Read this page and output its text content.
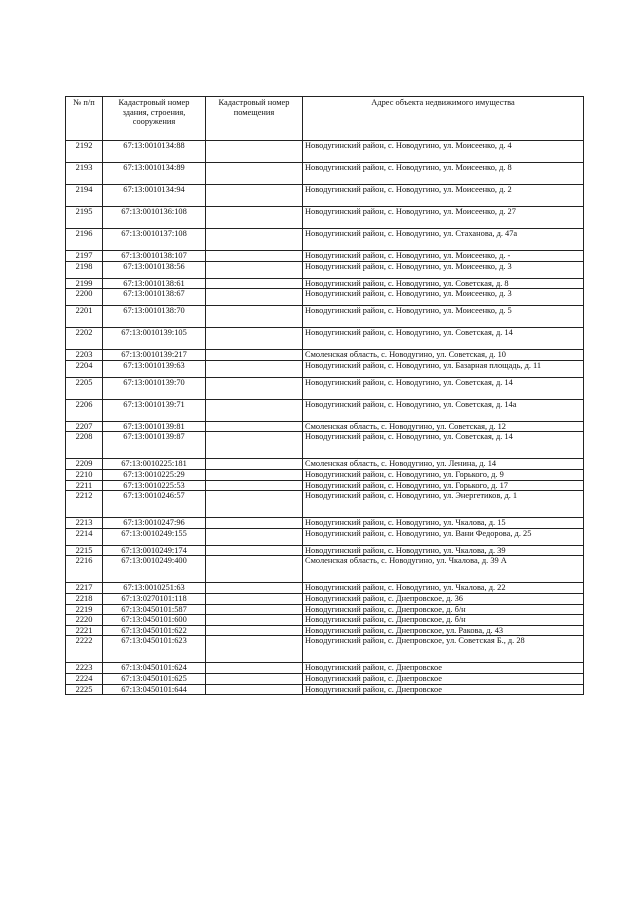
№ п/п	Кадастровый номер здания, строения, сооружения	Кадастровый номер помещения	Адрес объекта недвижимого имущества
2192	67:13:0010134:88		Новодугинский район, с. Новодугино, ул. Моисеенко, д. 4
2193	67:13:0010134:89		Новодугинский район, с. Новодугино, ул. Моисеенко, д. 8
2194	67:13:0010134:94		Новодугинский район, с. Новодугино, ул. Моисеенко, д. 2
2195	67:13:0010136:108		Новодугинский район, с. Новодугино, ул. Моисеенко, д. 27
2196	67:13:0010137:108		Новодугинский район, с. Новодугино, ул. Стаханова, д. 47а
2197	67:13:0010138:107		Новодугинский район, с. Новодугино, ул. Моисеенко, д. -
2198	67:13:0010138:56		Новодугинский район, с. Новодугино, ул. Моисеенко, д. 3
2199	67:13:0010138:61		Новодугинский район, с. Новодугино, ул. Советская, д. 8
2200	67:13:0010138:67		Новодугинский район, с. Новодугино, ул. Моисеенко, д. 3
2201	67:13:0010138:70		Новодугинский район, с. Новодугино, ул. Моисеенко, д. 5
2202	67:13:0010139:105		Новодугинский район, с. Новодугино, ул. Советская, д. 14
2203	67:13:0010139:217		Смоленская область, с. Новодугино, ул. Советская, д. 10
2204	67:13:0010139:63		Новодугинский район, с. Новодугино, ул. Базарная площадь, д. 11
2205	67:13:0010139:70		Новодугинский район, с. Новодугино, ул. Советская, д. 14
2206	67:13:0010139:71		Новодугинский район, с. Новодугино, ул. Советская, д. 14а
2207	67:13:0010139:81		Смоленская область, с. Новодугино, ул. Советская, д. 12
2208	67:13:0010139:87		Новодугинский район, с. Новодугино, ул. Советская, д. 14
2209	67:13:0010225:181		Смоленская область, с. Новодугино, ул. Ленина, д. 14
2210	67:13:0010225:29		Новодугинский район, с. Новодугино, ул. Горького, д. 9
2211	67:13:0010225:53		Новодугинский район, с. Новодугино, ул. Горького, д. 17
2212	67:13:0010246:57		Новодугинский район, с. Новодугино, ул. Энергетиков, д. 1
2213	67:13:0010247:96		Новодугинский район, с. Новодугино, ул. Чкалова, д. 15
2214	67:13:0010249:155		Новодугинский район, с. Новодугино, ул. Вани Федорова, д. 25
2215	67:13:0010249:174		Новодугинский район, с. Новодугино, ул. Чкалова, д. 39
2216	67:13:0010249:400		Смоленская область, с. Новодугино, ул. Чкалова, д. 39 А
2217	67:13:0010251:63		Новодугинский район, с. Новодугино, ул. Чкалова, д. 22
2218	67:13:0270101:118		Новодугинский район, с. Днепровское, д. 36
2219	67:13:0450101:587		Новодугинский район, с. Днепровское, д. б/н
2220	67:13:0450101:600		Новодугинский район, с. Днепровское, д. б/н
2221	67:13:0450101:622		Новодугинский район, с. Днепровское, ул. Ракова, д. 43
2222	67:13:0450101:623		Новодугинский район, с. Днепровское, ул. Советская Б., д. 28
2223	67:13:0450101:624		Новодугинский район, с. Днепровское
2224	67:13:0450101:625		Новодугинский район, с. Днепровское
2225	67:13:0450101:644		Новодугинский район, с. Днепровское
